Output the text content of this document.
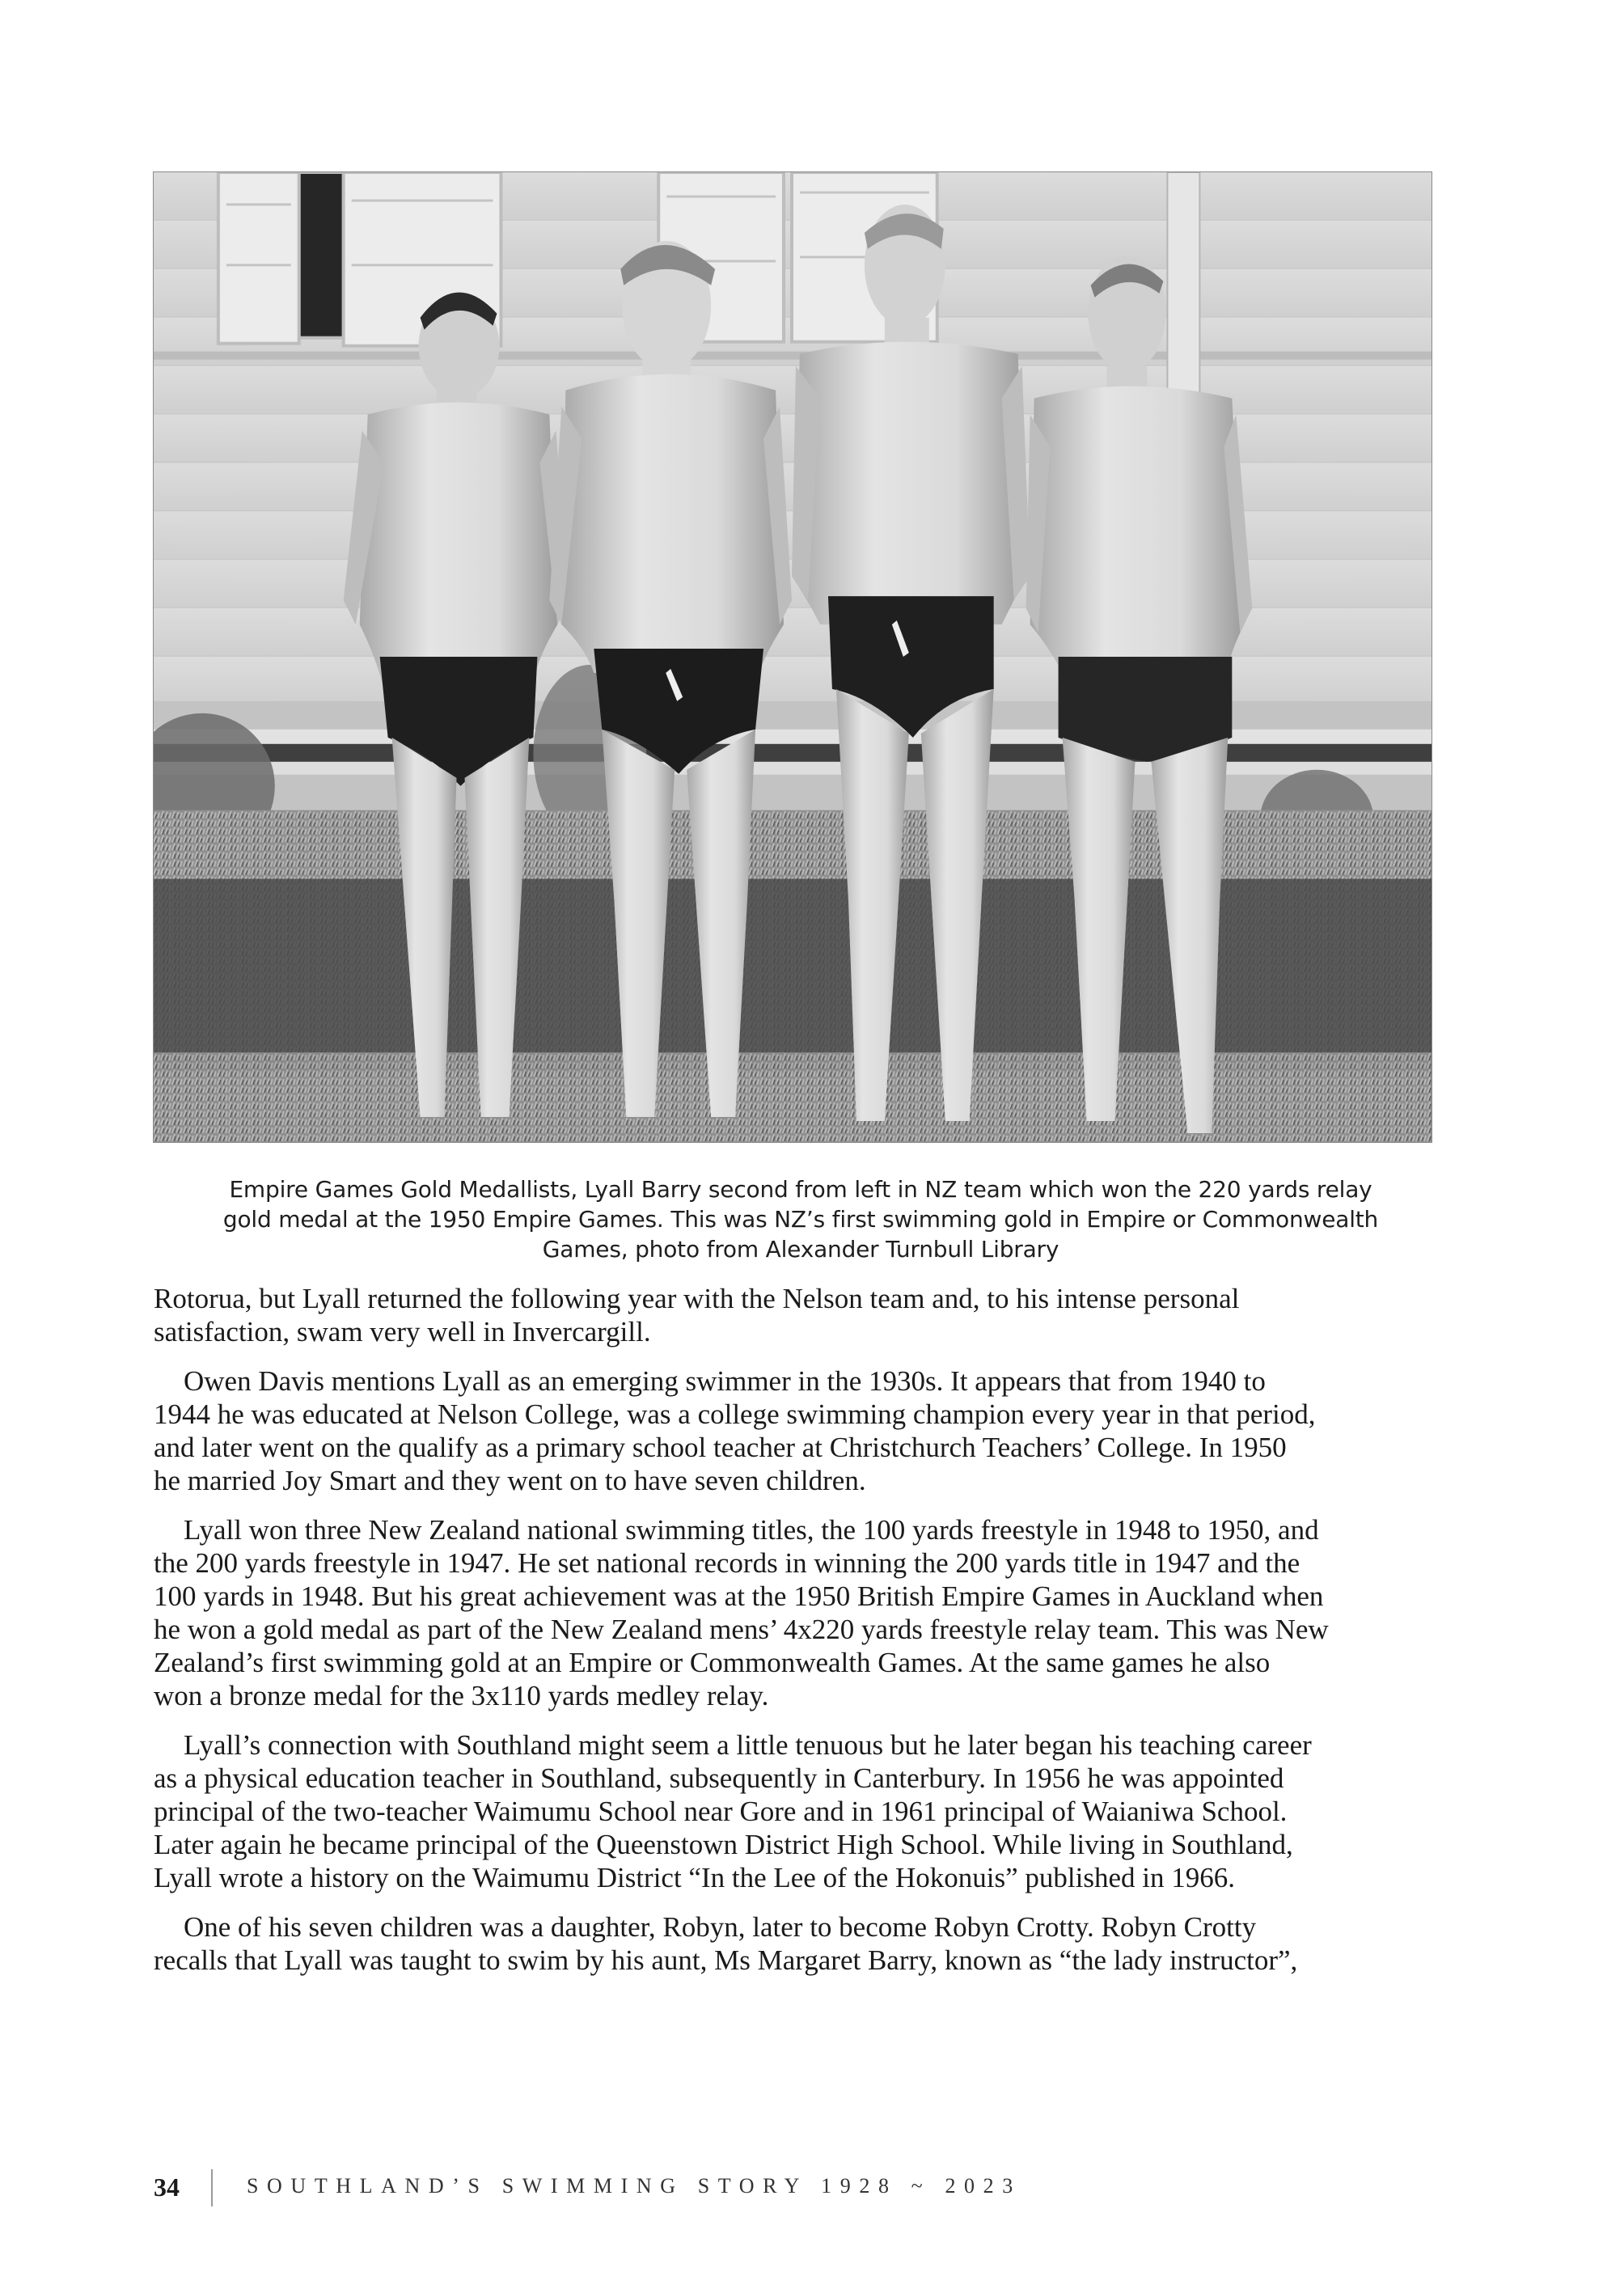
Empire Games Gold Medallists, Lyall Barry second from left in NZ team which won the 220 yards relay
gold medal at the 1950 Empire Games. This was NZ’s first swimming gold in Empire or Commonwealth
Games, photo from Alexander Turnbull Library

Rotorua, but Lyall returned the following year with the Nelson team and, to his intense personal
satisfaction, swam very well in Invercargill.

Owen Davis mentions Lyall as an emerging swimmer in the 1930s. It appears that from 1940 to
1944 he was educated at Nelson College, was a college swimming champion every year in that period,
and later went on the qualify as a primary school teacher at Christchurch Teachers’ College. In 1950
he married Joy Smart and they went on to have seven children.

Lyall won three New Zealand national swimming titles, the 100 yards freestyle in 1948 to 1950, and
the 200 yards freestyle in 1947. He set national records in winning the 200 yards title in 1947 and the
100 yards in 1948. But his great achievement was at the 1950 British Empire Games in Auckland when
he won a gold medal as part of the New Zealand mens’ 4x220 yards freestyle relay team. This was New
Zealand’s first swimming gold at an Empire or Commonwealth Games. At the same games he also
won a bronze medal for the 3x110 yards medley relay.

Lyall’s connection with Southland might seem a little tenuous but he later began his teaching career
as a physical education teacher in Southland, subsequently in Canterbury. In 1956 he was appointed
principal of the two-teacher Waimumu School near Gore and in 1961 principal of Waianiwa School.
Later again he became principal of the Queenstown District High School. While living in Southland,
Lyall wrote a history on the Waimumu District “In the Lee of the Hokonuis” published in 1966.

One of his seven children was a daughter, Robyn, later to become Robyn Crotty. Robyn Crotty
recalls that Lyall was taught to swim by his aunt, Ms Margaret Barry, known as “the lady instructor”,

34	SOUTHLAND’S SWIMMING STORY 1928 ~ 2023
